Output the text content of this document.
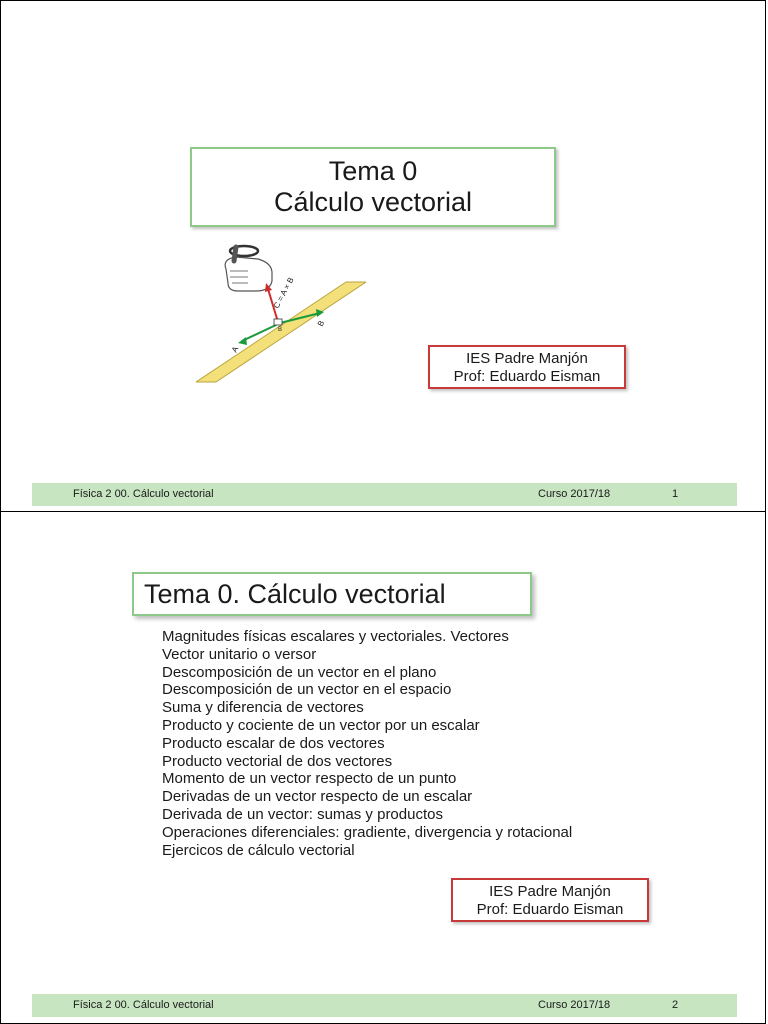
Tema 0
Cálculo vectorial
C = A × B
B
A
B
IES Padre Manjón
Prof: Eduardo Eisman
Física 2 00. Cálculo vectorial	Curso 2017/18	1
Tema 0. Cálculo vectorial
Magnitudes físicas escalares y vectoriales. Vectores
Vector unitario o versor
Descomposición de un vector en el plano
Descomposición de un vector en el espacio
Suma y diferencia de vectores
Producto y cociente de un vector por un escalar
Producto escalar de dos vectores
Producto vectorial de dos vectores
Momento de un vector respecto de un punto
Derivadas de un vector respecto de un escalar
Derivada de un vector: sumas y productos
Operaciones diferenciales: gradiente, divergencia y rotacional
Ejercicos de cálculo vectorial
IES Padre Manjón
Prof: Eduardo Eisman
Física 2 00. Cálculo vectorial	Curso 2017/18	2
